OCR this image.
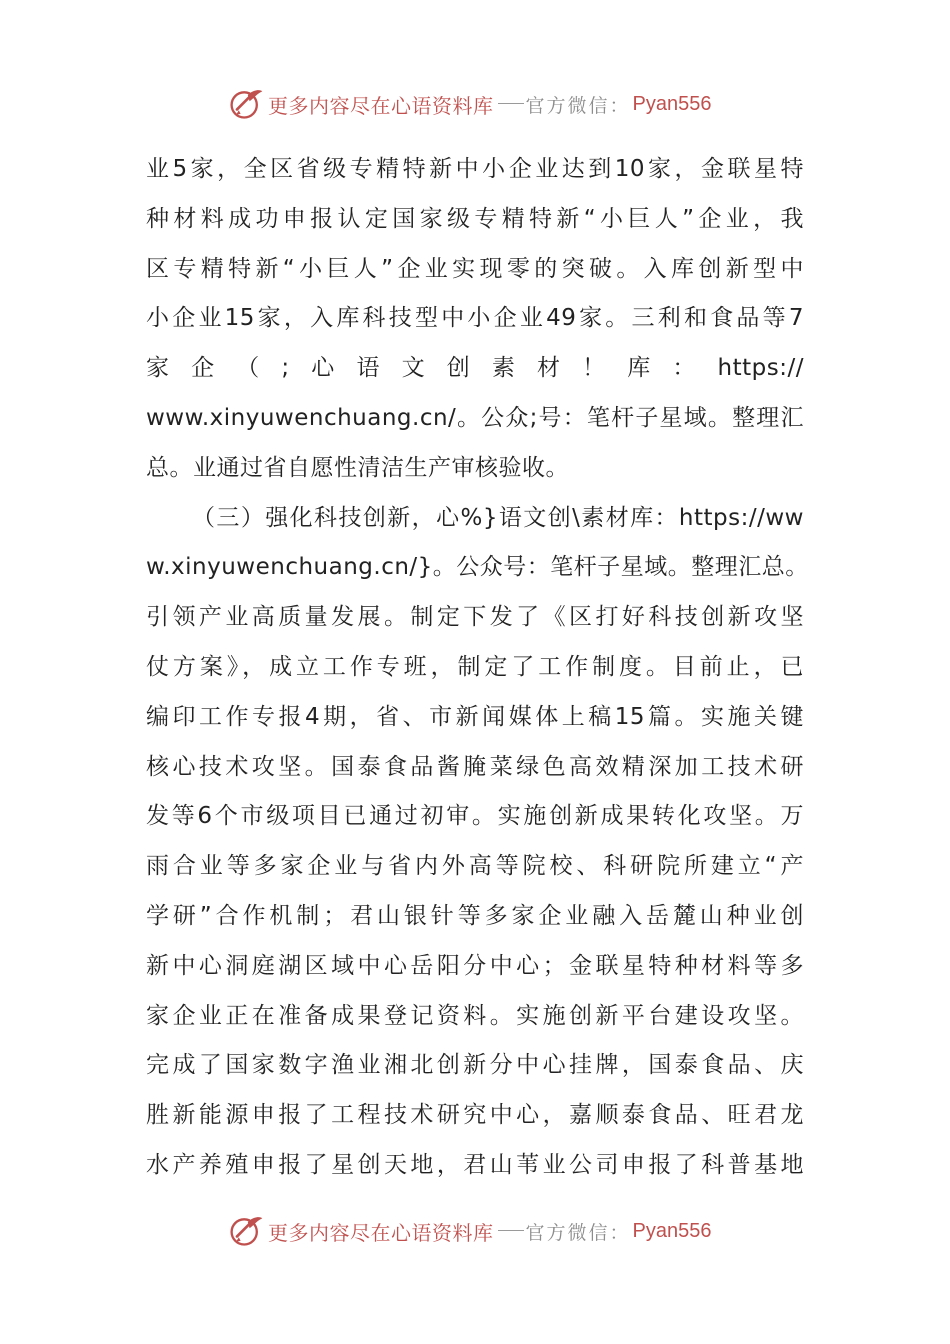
更多内容尽在心语资料库 官方微信： Pyan556
业5家，全区省级专精特新中小企业达到10家，金联星特
种材料成功申报认定国家级专精特新“小巨人”企业，我
区专精特新“小巨人”企业实现零的突破。入库创新型中
小企业15家，入库科技型中小企业49家。三利和食品等7
家企（;心语文创素材！库：https://
www.xinyuwenchuang.cn/。公众;号：笔杆子星域。整理汇
总。业通过省自愿性清洁生产审核验收。
（三）强化科技创新，心%}语文创\素材库：https://ww
w.xinyuwenchuang.cn/}。公众号：笔杆子星域。整理汇总。
引领产业高质量发展。制定下发了《区打好科技创新攻坚
仗方案》，成立工作专班，制定了工作制度。目前止，已
编印工作专报4期，省、市新闻媒体上稿15篇。实施关键
核心技术攻坚。国泰食品酱腌菜绿色高效精深加工技术研
发等6个市级项目已通过初审。实施创新成果转化攻坚。万
雨合业等多家企业与省内外高等院校、科研院所建立“产
学研”合作机制；君山银针等多家企业融入岳麓山种业创
新中心洞庭湖区域中心岳阳分中心；金联星特种材料等多
家企业正在准备成果登记资料。实施创新平台建设攻坚。
完成了国家数字渔业湘北创新分中心挂牌，国泰食品、庆
胜新能源申报了工程技术研究中心，嘉顺泰食品、旺君龙
水产养殖申报了星创天地，君山苇业公司申报了科普基地
更多内容尽在心语资料库 官方微信： Pyan556
